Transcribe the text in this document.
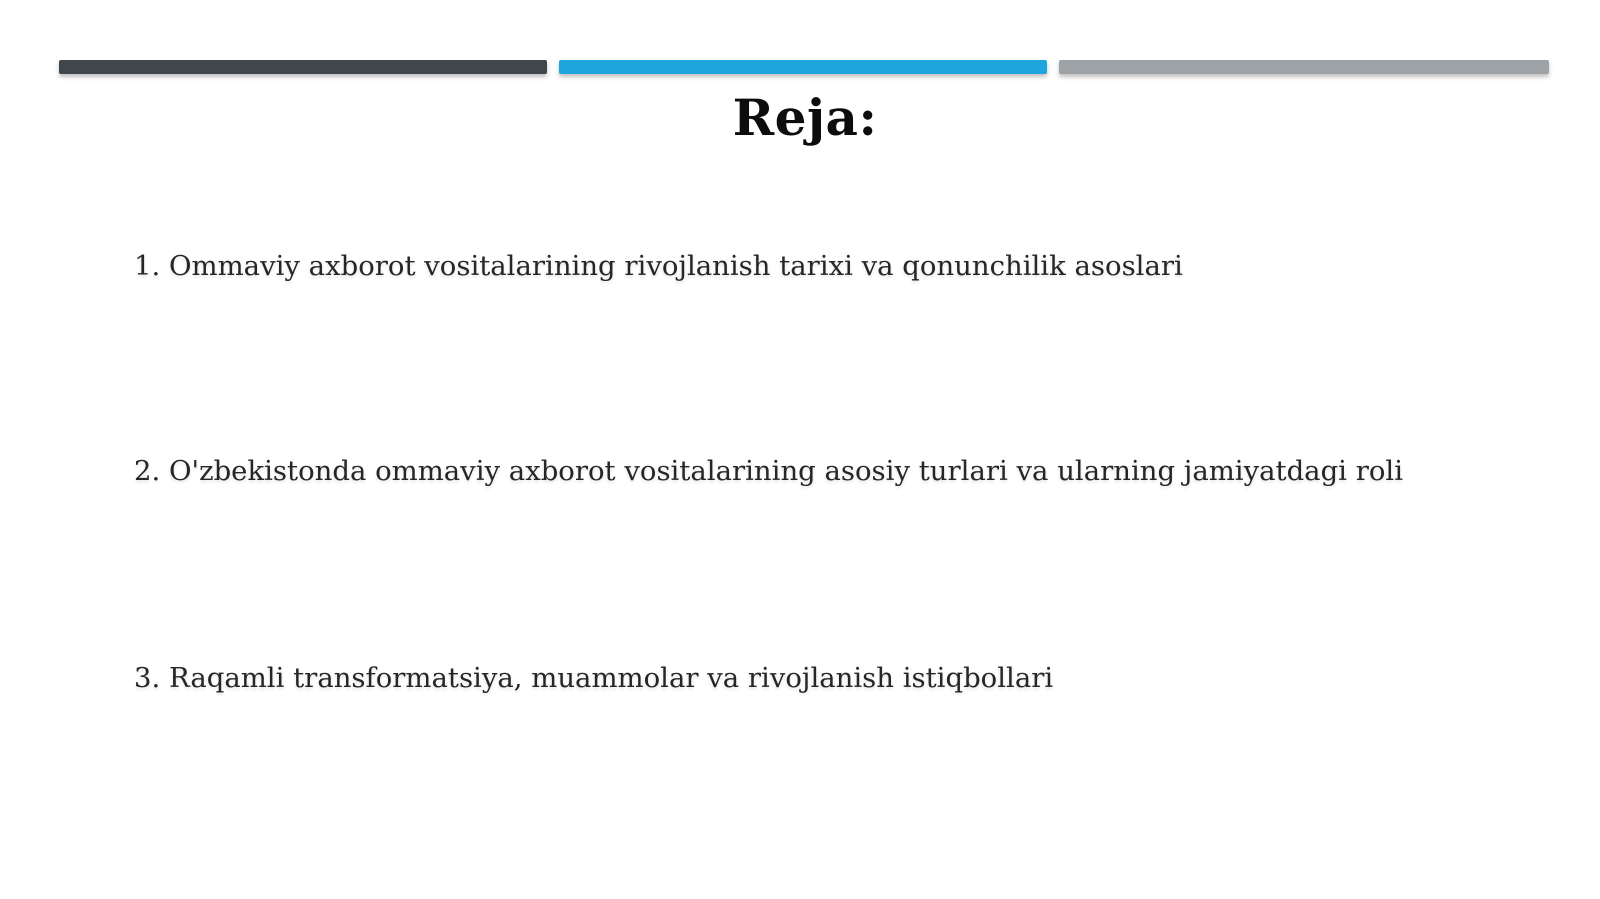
Reja:
1. Ommaviy axborot vositalarining rivojlanish tarixi va qonunchilik asoslari
2. O'zbekistonda ommaviy axborot vositalarining asosiy turlari va ularning jamiyatdagi roli
3. Raqamli transformatsiya, muammolar va rivojlanish istiqbollari
